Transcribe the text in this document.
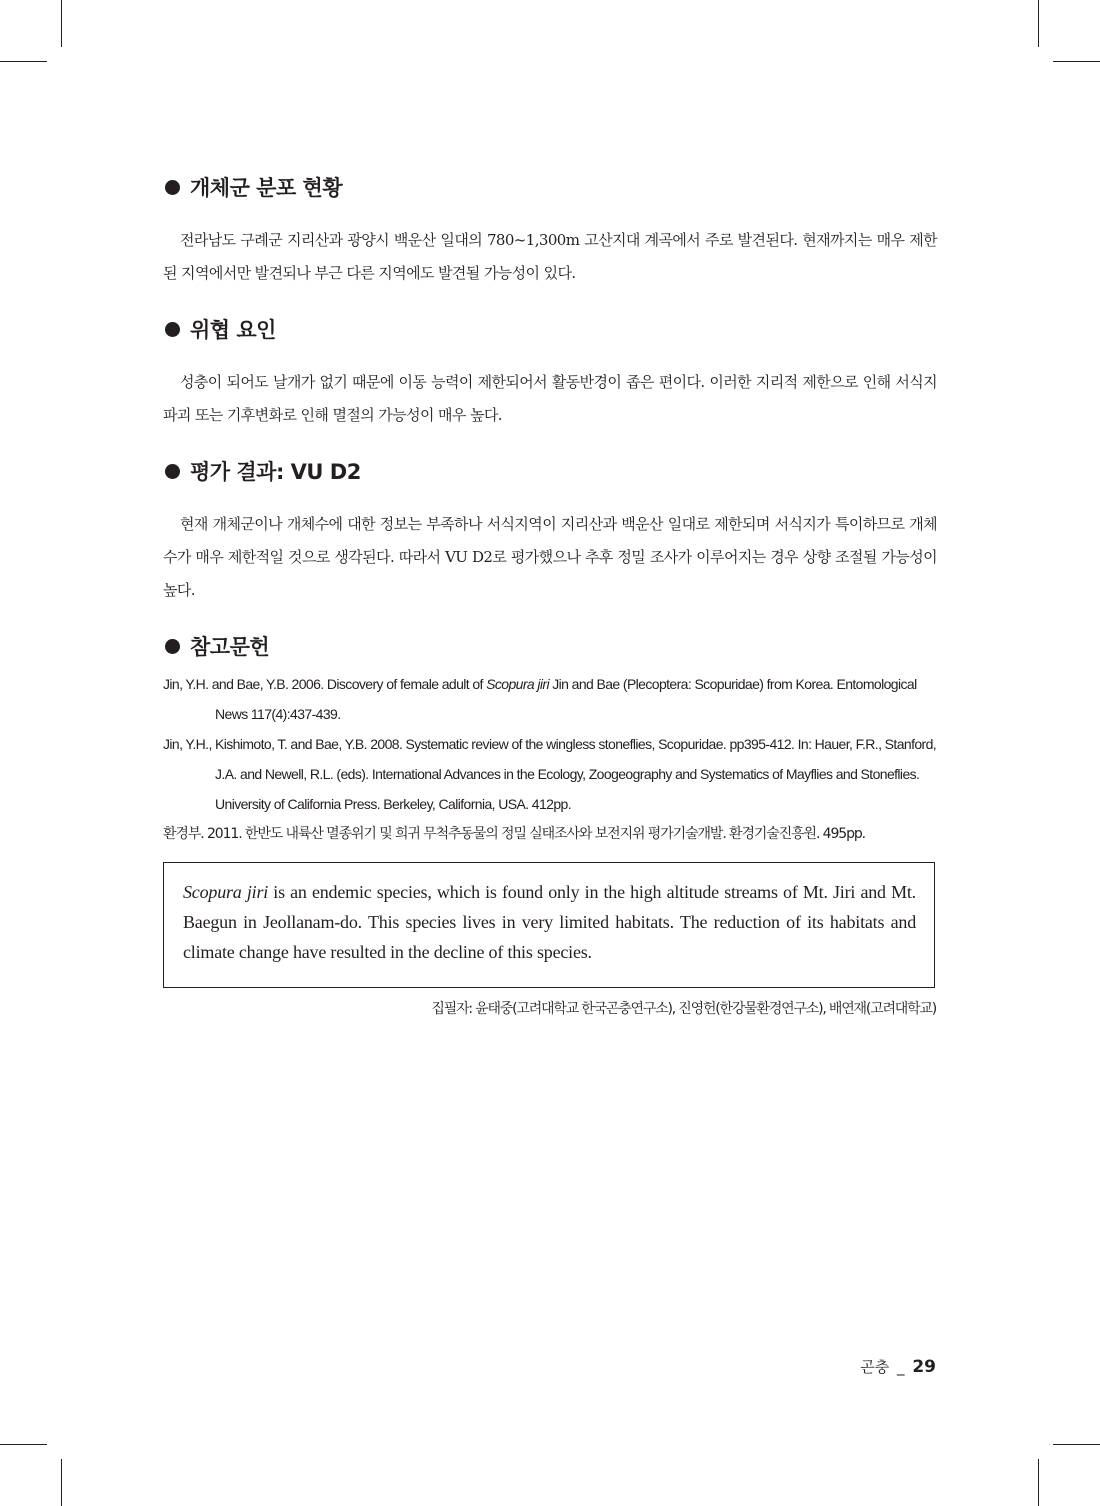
개체군 분포 현황

전라남도 구례군 지리산과 광양시 백운산 일대의 780~1,300m 고산지대 계곡에서 주로 발견된다. 현재까지는 매우 제한된 지역에서만 발견되나 부근 다른 지역에도 발견될 가능성이 있다.

위협 요인

성충이 되어도 날개가 없기 때문에 이동 능력이 제한되어서 활동반경이 좁은 편이다. 이러한 지리적 제한으로 인해 서식지 파괴 또는 기후변화로 인해 멸절의 가능성이 매우 높다.

평가 결과: VU D2

현재 개체군이나 개체수에 대한 정보는 부족하나 서식지역이 지리산과 백운산 일대로 제한되며 서식지가 특이하므로 개체수가 매우 제한적일 것으로 생각된다. 따라서 VU D2로 평가했으나 추후 정밀 조사가 이루어지는 경우 상향 조절될 가능성이 높다.

참고문헌

Jin, Y.H. and Bae, Y.B. 2006. Discovery of female adult of Scopura jiri Jin and Bae (Plecoptera: Scopuridae) from Korea. Entomological News 117(4):437-439.

Jin, Y.H., Kishimoto, T. and Bae, Y.B. 2008. Systematic review of the wingless stoneflies, Scopuridae. pp395-412. In: Hauer, F.R., Stanford, J.A. and Newell, R.L. (eds). International Advances in the Ecology, Zoogeography and Systematics of Mayflies and Stoneflies. University of California Press. Berkeley, California, USA. 412pp.

환경부. 2011. 한반도 내륙산 멸종위기 및 희귀 무척추동물의 정밀 실태조사와 보전지위 평가기술개발. 환경기술진흥원. 495pp.

Scopura jiri is an endemic species, which is found only in the high altitude streams of Mt. Jiri and Mt. Baegun in Jeollanam-do. This species lives in very limited habitats. The reduction of its habitats and climate change have resulted in the decline of this species.

집필자: 윤태중(고려대학교 한국곤충연구소), 진영헌(한강물환경연구소), 배연재(고려대학교)
곤충 _ 29
